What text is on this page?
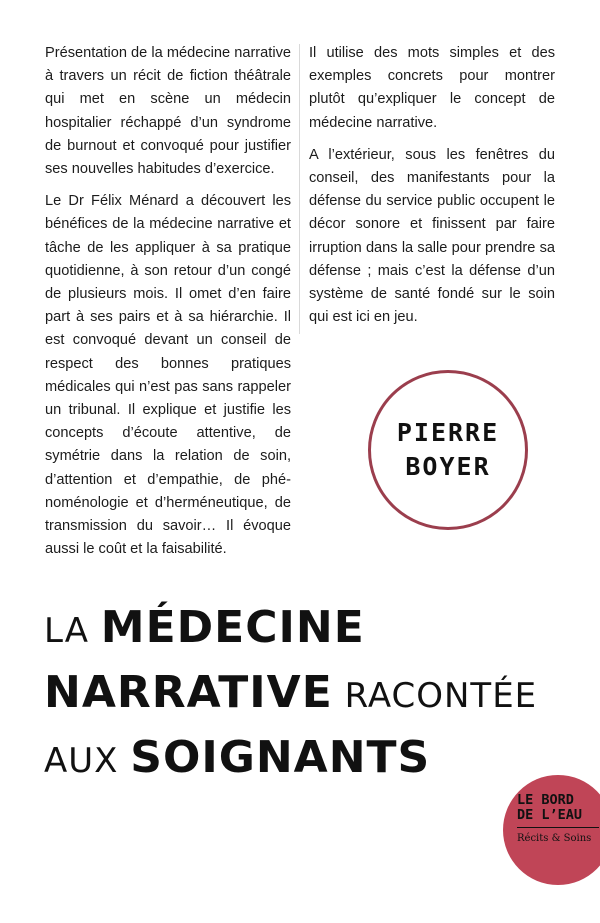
Présentation de la médecine narrative à travers un récit de fiction théâtrale qui met en scène un médecin hospitalier réchappé d’un syndrome de burnout et convoqué pour justifier ses nouvelles habitudes d’exercice.

Le Dr Félix Ménard a découvert les bénéfices de la médecine narrative et tâche de les appliquer à sa pratique quotidienne, à son retour d’un congé de plusieurs mois. Il omet d’en faire part à ses pairs et à sa hiérarchie. Il est convoqué devant un conseil de respect des bonnes pratiques médicales qui n’est pas sans rappeler un tribunal. Il explique et justifie les concepts d’écoute attentive, de symétrie dans la relation de soin, d’attention et d’empathie, de phénoménologie et d’herméneutique, de transmission du savoir… Il évoque aussi le coût et la faisabilité.

Il utilise des mots simples et des exemples concrets pour montrer plutôt qu’expliquer le concept de médecine narrative.

A l’extérieur, sous les fenêtres du conseil, des manifestants pour la défense du service public occupent le décor sonore et finissent par faire irruption dans la salle pour prendre sa défense ; mais c’est la défense d’un système de santé fondé sur le soin qui est ici en jeu.

PIERRE
BOYER
LA MÉDECINE
NARRATIVE RACONTÉE
AUX SOIGNANTS
LE BORD
DE L’EAU
Récits & Soins
